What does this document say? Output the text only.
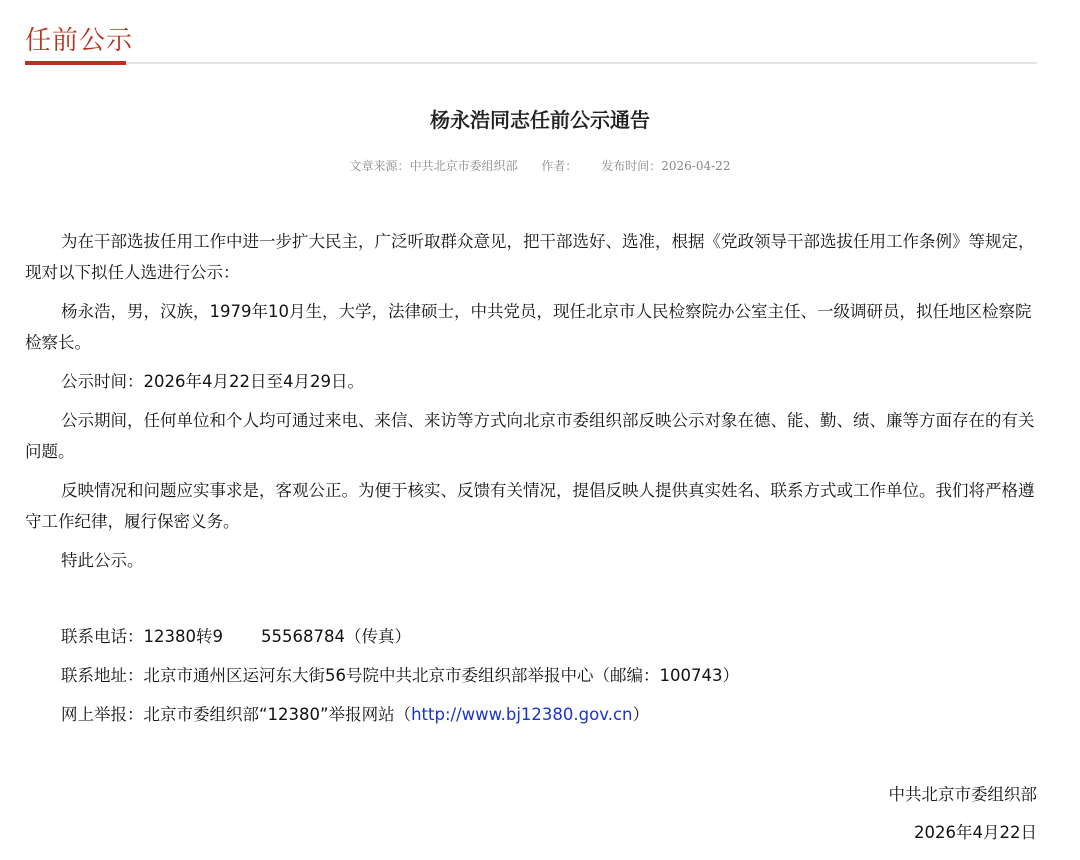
任前公示
杨永浩同志任前公示通告
文章来源：中共北京市委组织部 作者： 发布时间：2026-04-22

为在干部选拔任用工作中进一步扩大民主，广泛听取群众意见，把干部选好、选准，根据《党政领导干部选拔任用工作条例》等规定，现对以下拟任人选进行公示：

杨永浩，男，汉族，1979年10月生，大学，法律硕士，中共党员，现任北京市人民检察院办公室主任、一级调研员，拟任地区检察院检察长。

公示时间：2026年4月22日至4月29日。

公示期间，任何单位和个人均可通过来电、来信、来访等方式向北京市委组织部反映公示对象在德、能、勤、绩、廉等方面存在的有关问题。

反映情况和问题应实事求是，客观公正。为便于核实、反馈有关情况，提倡反映人提供真实姓名、联系方式或工作单位。我们将严格遵守工作纪律，履行保密义务。

特此公示。

联系电话：12380转9 55568784（传真）

联系地址：北京市通州区运河东大街56号院中共北京市委组织部举报中心（邮编：100743）

网上举报：北京市委组织部“12380”举报网站（http://www.bj12380.gov.cn）

中共北京市委组织部
2026年4月22日
